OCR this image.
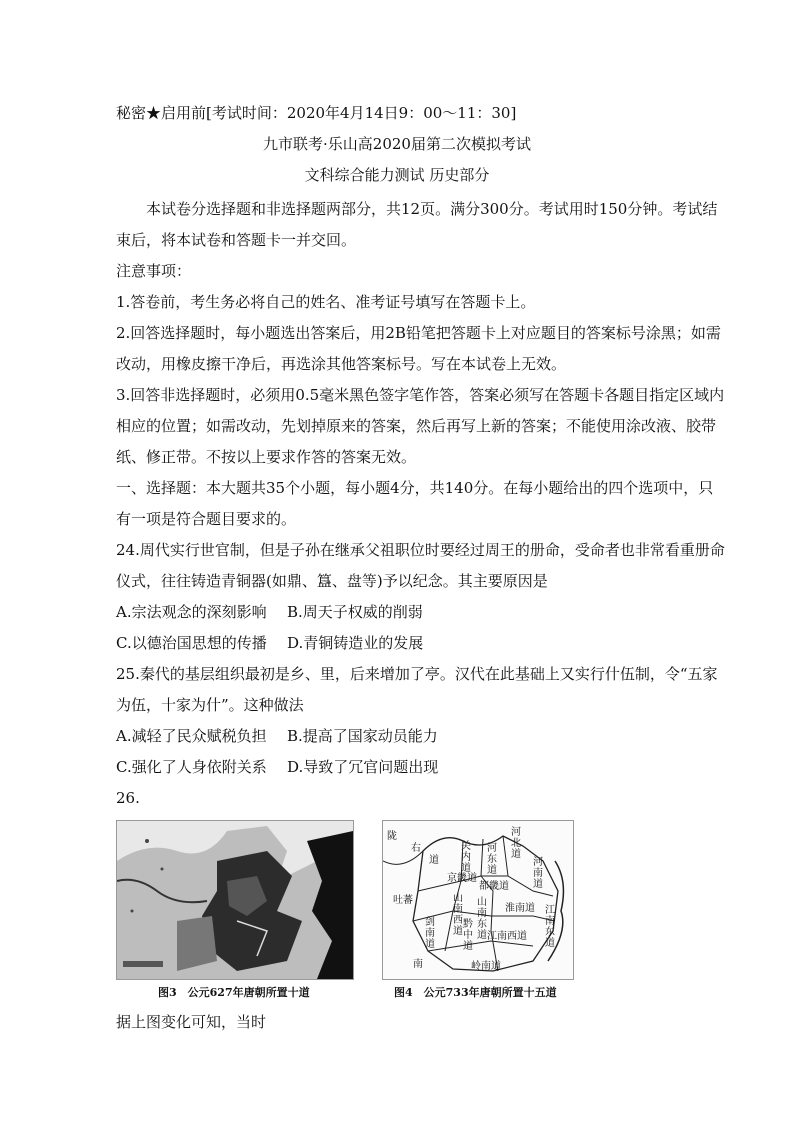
秘密★启用前[考试时间：2020年4月14日9：00～11：30]
九市联考·乐山高2020届第二次模拟考试
文科综合能力测试 历史部分
本试卷分选择题和非选择题两部分，共12页。满分300分。考试用时150分钟。考试结
束后，将本试卷和答题卡一并交回。
注意事项：
1.答卷前，考生务必将自己的姓名、准考证号填写在答题卡上。
2.回答选择题时，每小题选出答案后，用2B铅笔把答题卡上对应题目的答案标号涂黑；如需
改动，用橡皮擦干净后，再选涂其他答案标号。写在本试卷上无效。
3.回答非选择题时，必须用0.5毫米黑色签字笔作答，答案必须写在答题卡各题目指定区域内
相应的位置；如需改动，先划掉原来的答案，然后再写上新的答案；不能使用涂改液、胶带
纸、修正带。不按以上要求作答的答案无效。
一、选择题：本大题共35个小题，每小题4分，共140分。在每小题给出的四个选项中，只
有一项是符合题目要求的。
24.周代实行世官制，但是子孙在继承父祖职位时要经过周王的册命，受命者也非常看重册命
仪式，往往铸造青铜器(如鼎、簋、盘等)予以纪念。其主要原因是
A.宗法观念的深刻影响 B.周天子权威的削弱
C.以德治国思想的传播 D.青铜铸造业的发展
25.秦代的基层组织最初是乡、里，后来增加了亭。汉代在此基础上又实行什伍制，令“五家
为伍，十家为什”。这种做法
A.减轻了民众赋税负担 B.提高了国家动员能力
C.强化了人身依附关系 D.导致了冗官问题出现
26.
图3　公元627年唐朝所置十道
陇
右
道
关内道
河东道
河北道
吐蕃
京畿道
都畿道
河南道
山南西道
山南东道
淮南道
剑南道
黔中道
江南西道
江南东道
岭南道
南
图4　公元733年唐朝所置十五道
据上图变化可知，当时
